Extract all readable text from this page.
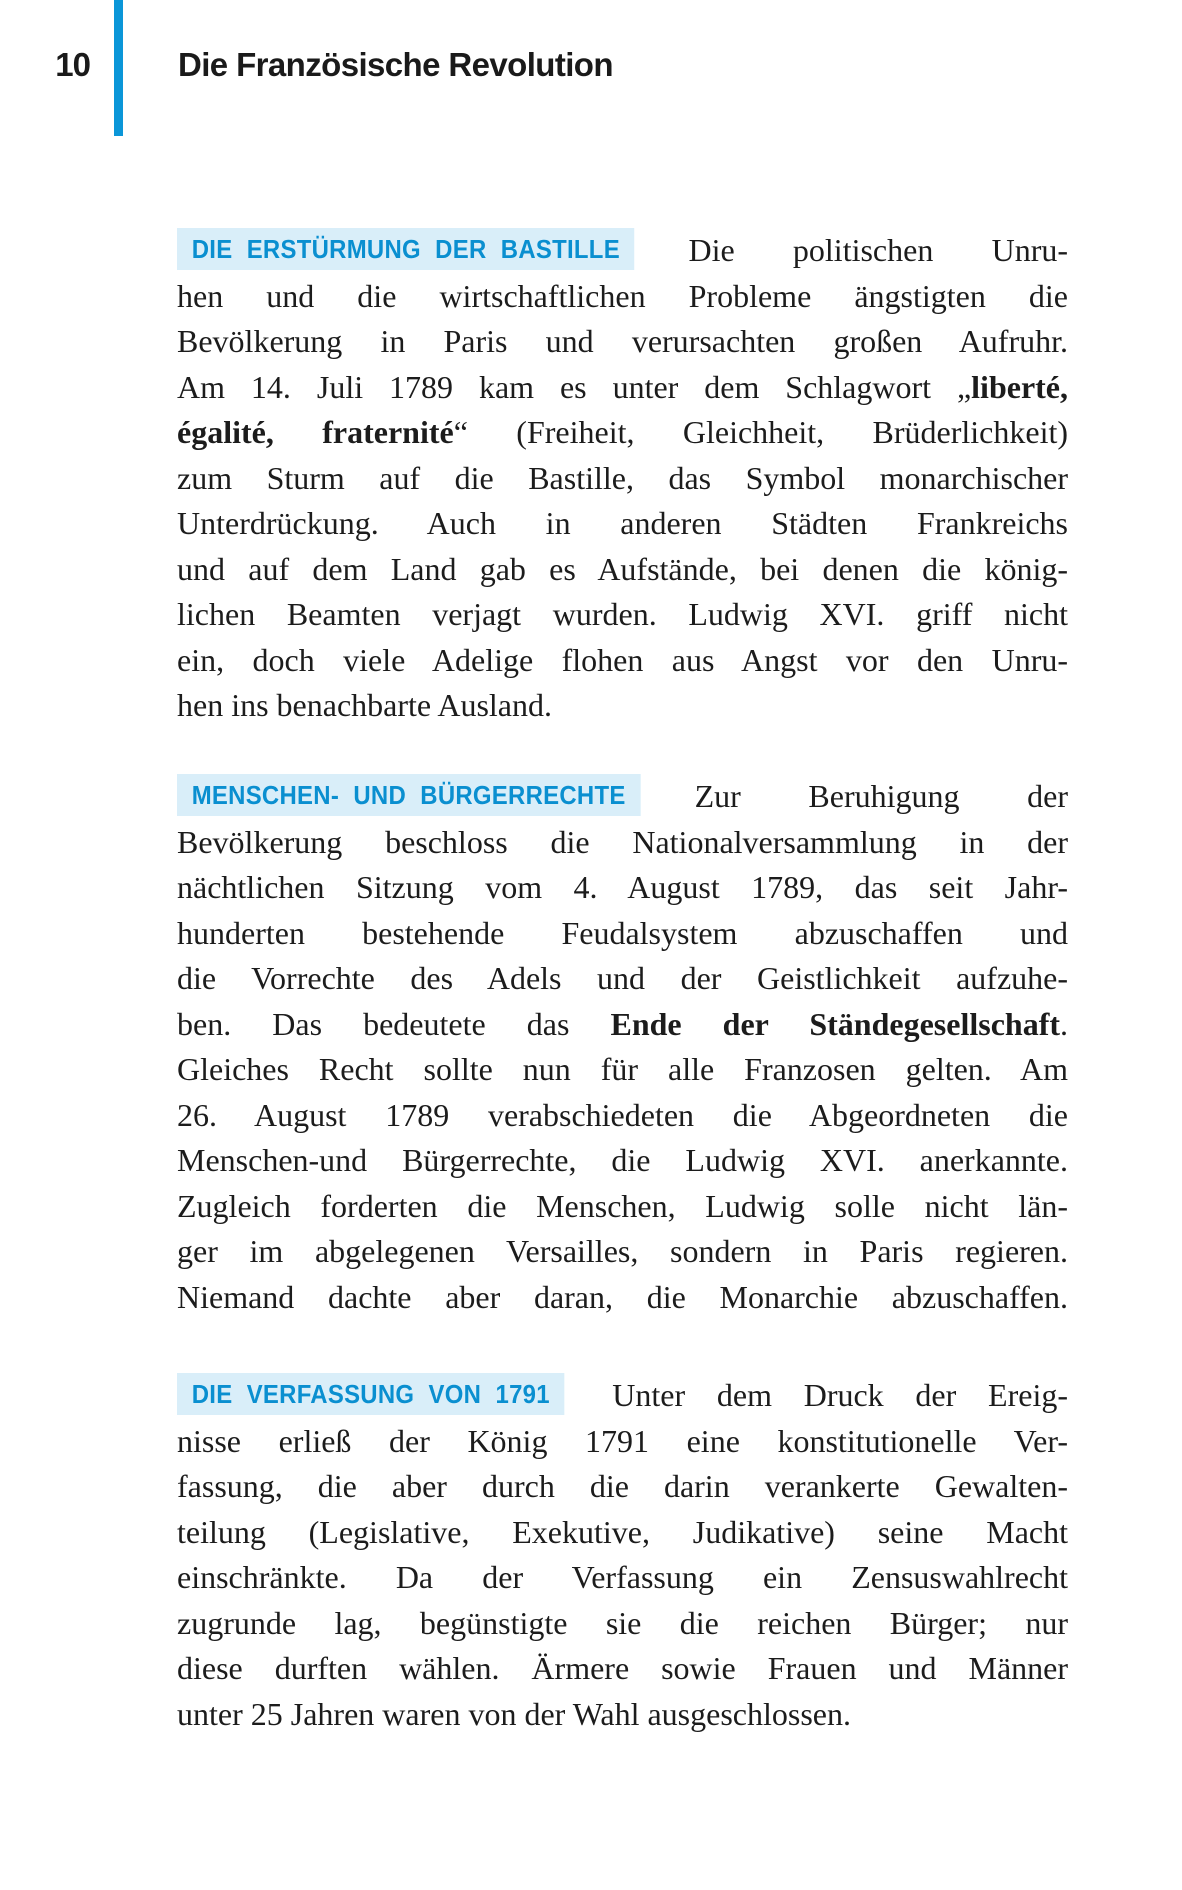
10	Die Französische Revolution
DIE ERSTÜRMUNG DER BASTILLE Die politischen Unru-
hen und die wirtschaftlichen Probleme ängstigten die
Bevölkerung in Paris und verursachten großen Aufruhr.
Am 14. Juli 1789 kam es unter dem Schlagwort „liberté,
égalité, fraternité“ (Freiheit, Gleichheit, Brüderlichkeit)
zum Sturm auf die Bastille, das Symbol monarchischer
Unterdrückung. Auch in anderen Städten Frankreichs
und auf dem Land gab es Aufstände, bei denen die könig-
lichen Beamten verjagt wurden. Ludwig XVI. griff nicht
ein, doch viele Adelige flohen aus Angst vor den Unru-
hen ins benachbarte Ausland.
MENSCHEN- UND BÜRGERRECHTE Zur Beruhigung der
Bevölkerung beschloss die Nationalversammlung in der
nächtlichen Sitzung vom 4. August 1789, das seit Jahr-
hunderten bestehende Feudalsystem abzuschaffen und
die Vorrechte des Adels und der Geistlichkeit aufzuhe-
ben. Das bedeutete das Ende der Ständegesellschaft.
Gleiches Recht sollte nun für alle Franzosen gelten. Am
26. August 1789 verabschiedeten die Abgeordneten die
Menschen-und Bürgerrechte, die Ludwig XVI. anerkannte.
Zugleich forderten die Menschen, Ludwig solle nicht län-
ger im abgelegenen Versailles, sondern in Paris regieren.
Niemand dachte aber daran, die Monarchie abzuschaffen.
DIE VERFASSUNG VON 1791 Unter dem Druck der Ereig-
nisse erließ der König 1791 eine konstitutionelle Ver-
fassung, die aber durch die darin verankerte Gewalten-
teilung (Legislative, Exekutive, Judikative) seine Macht
einschränkte. Da der Verfassung ein Zensuswahlrecht
zugrunde lag, begünstigte sie die reichen Bürger; nur
diese durften wählen. Ärmere sowie Frauen und Männer
unter 25 Jahren waren von der Wahl ausgeschlossen.
